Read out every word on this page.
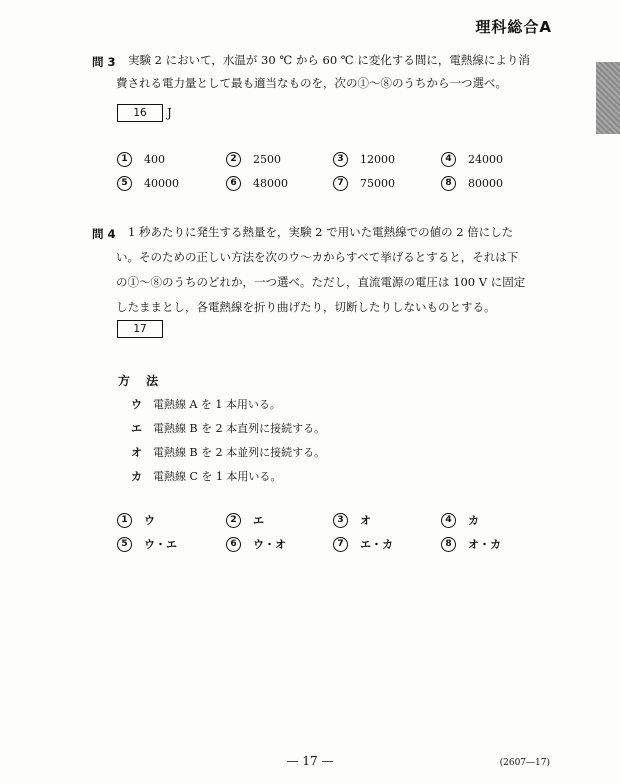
理科総合A
問 3 実験 2 において，水温が 30 ℃ から 60 ℃ に変化する間に，電熱線により消
費される電力量として最も適当なものを，次の①〜⑧のうちから一つ選べ。
16	J
1	400	2	2500	3	12000	4	24000
5	40000	6	48000	7	75000	8	80000
問 4 1 秒あたりに発生する熱量を，実験 2 で用いた電熱線での値の 2 倍にした
い。そのための正しい方法を次のウ〜カからすべて挙げるとすると，それは下
の①〜⑧のうちのどれか，一つ選べ。ただし，直流電源の電圧は 100 V に固定
したままとし，各電熱線を折り曲げたり，切断したりしないものとする。
17
方 法
ウ 電熱線 A を 1 本用いる。
エ 電熱線 B を 2 本直列に接続する。
オ 電熱線 B を 2 本並列に接続する。
カ 電熱線 C を 1 本用いる。
1	ウ	2	エ	3	オ	4	カ
5	ウ・エ	6	ウ・オ	7	エ・カ	8	オ・カ
— 17 —	(2607—17)
